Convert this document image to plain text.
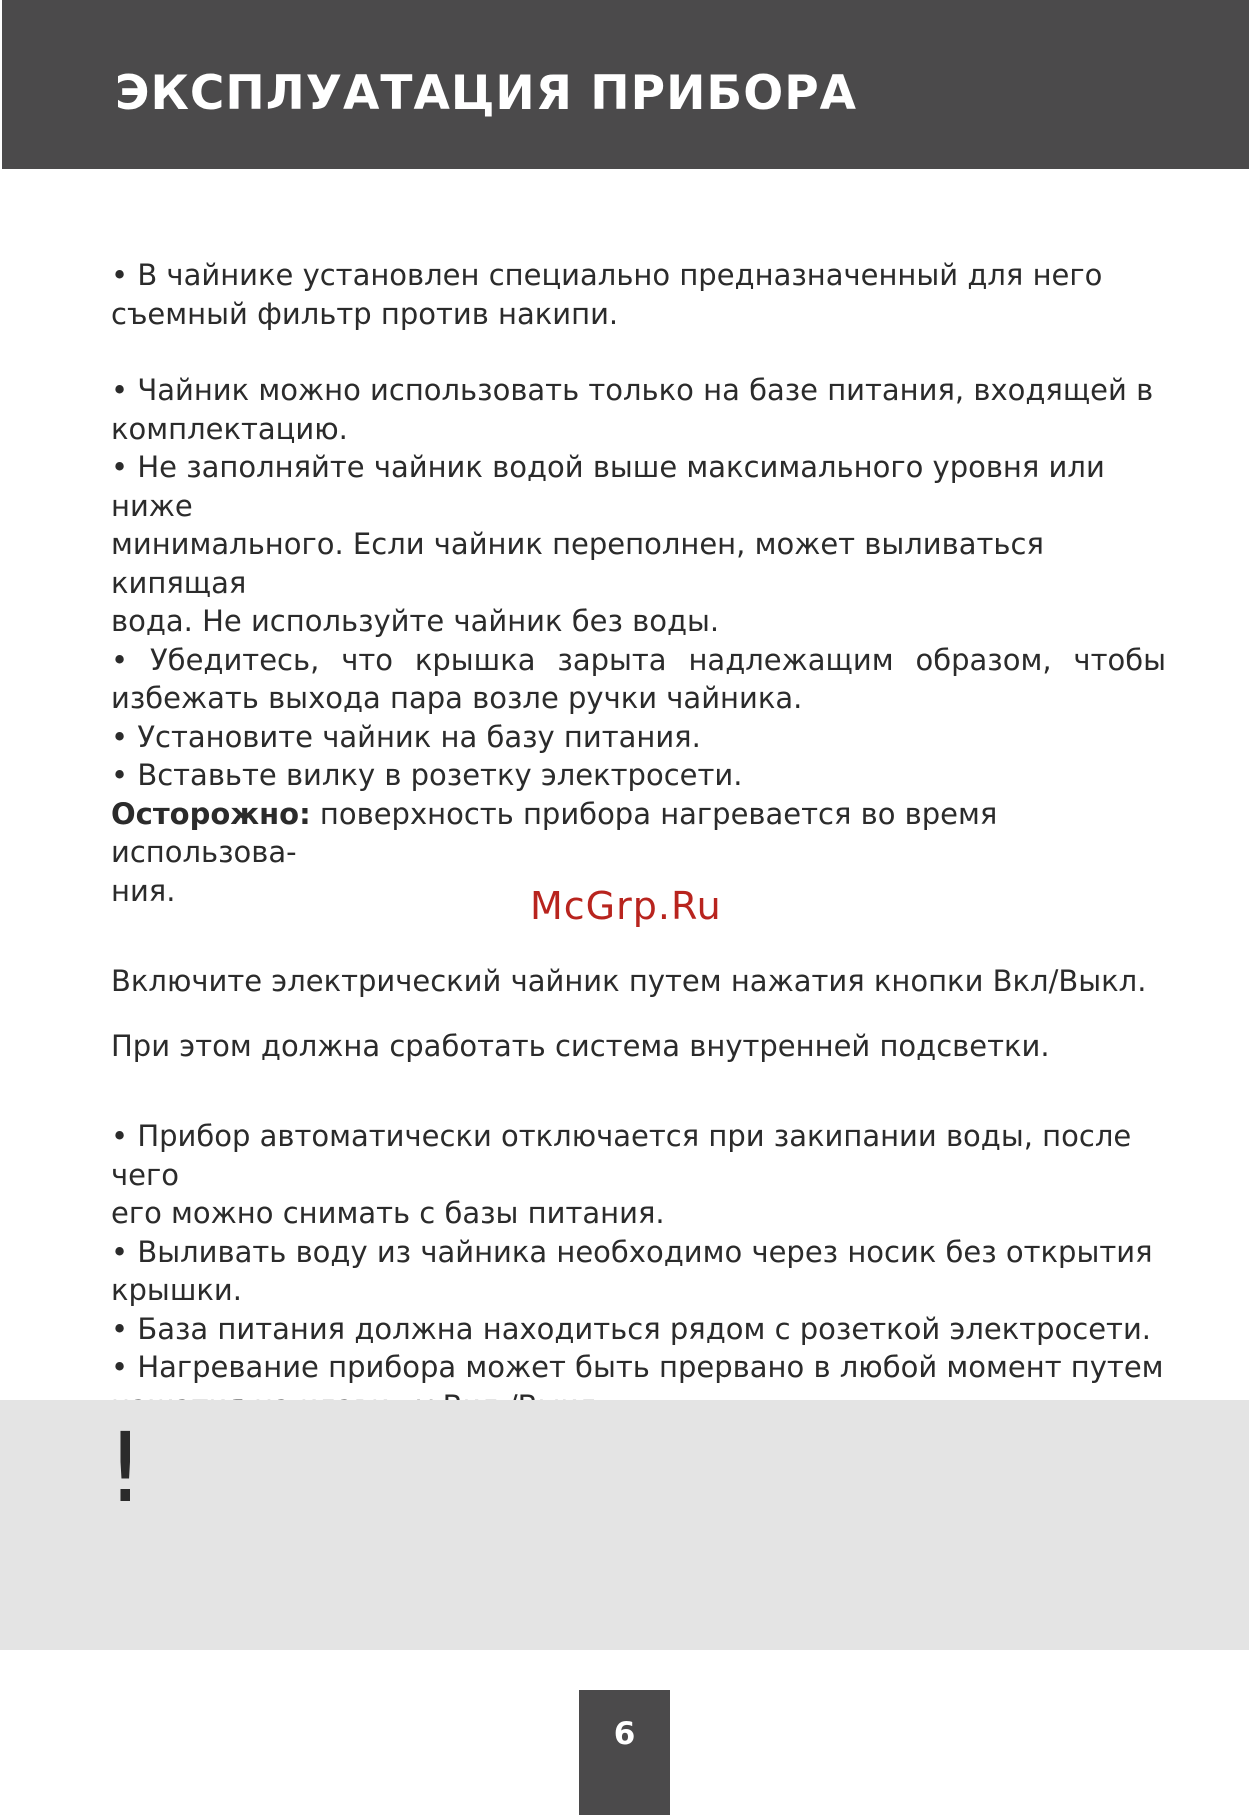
ЭКСПЛУАТАЦИЯ ПРИБОРА

• В чайнике установлен специально предназначенный для него

съемный фильтр против накипи.

• Чайник можно использовать только на базе питания, входящей в

комплектацию.

• Не заполняйте чайник водой выше максимального уровня или ниже

минимального. Если чайник переполнен, может выливаться кипящая

вода. Не используйте чайник без воды.

• Убедитесь, что крышка зарыта надлежащим образом, чтобы

избежать выхода пара возле ручки чайника.

• Установите чайник на базу питания.

• Вставьте вилку в розетку электросети.

Осторожно: поверхность прибора нагревается во время использова-

ния.

Включите электрический чайник путем нажатия кнопки Вкл/Выкл.

При этом должна сработать система внутренней подсветки.

• Прибор автоматически отключается при закипании воды, после чего

его можно снимать с базы питания.

• Выливать воду из чайника необходимо через носик без открытия

крышки.

• База питания должна находиться рядом с розеткой электросети.

• Нагревание прибора может быть прервано в любой момент путем

McGrp.Ru
!
6
